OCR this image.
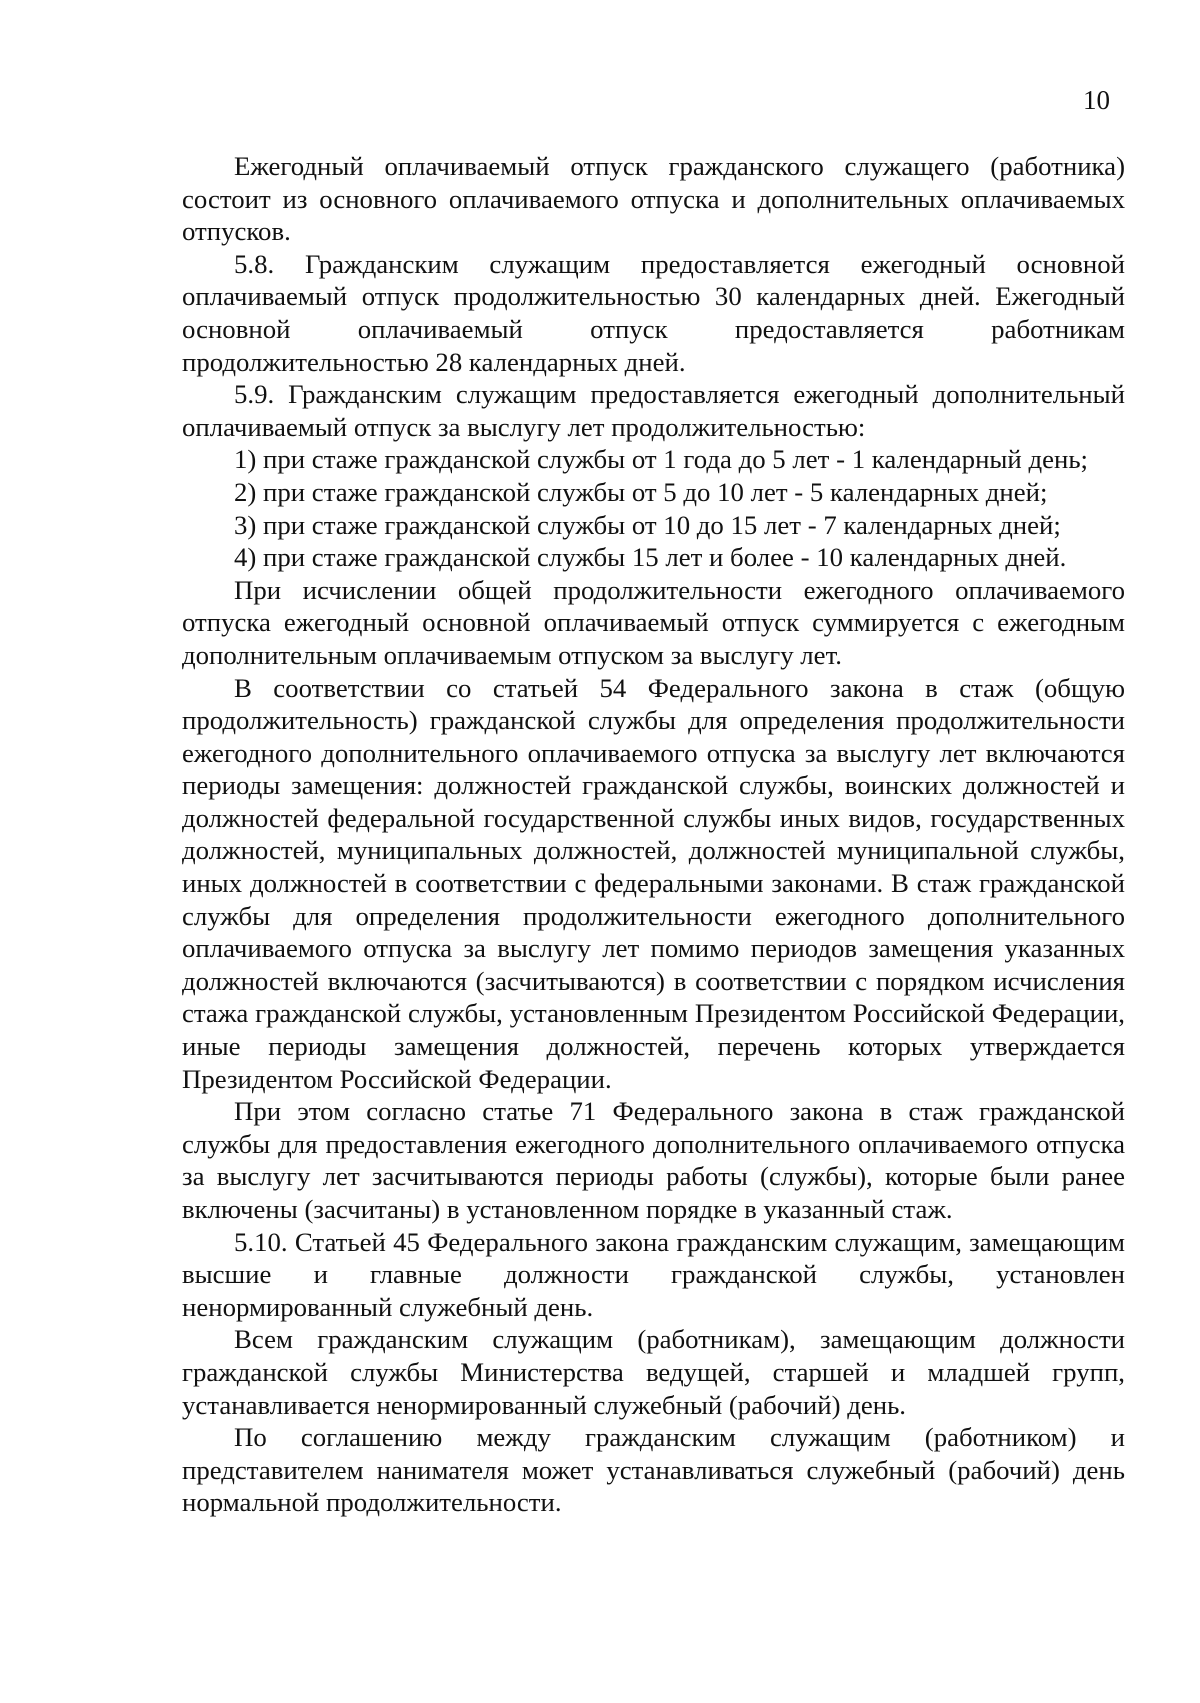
10

Ежегодный оплачиваемый отпуск гражданского служащего (работника) состоит из основного оплачиваемого отпуска и дополнительных оплачиваемых отпусков.

5.8. Гражданским служащим предоставляется ежегодный основной оплачиваемый отпуск продолжительностью 30 календарных дней. Ежегодный основной оплачиваемый отпуск предоставляется работникам продолжительностью 28 календарных дней.

5.9. Гражданским служащим предоставляется ежегодный дополнительный оплачиваемый отпуск за выслугу лет продолжительностью:

1) при стаже гражданской службы от 1 года до 5 лет - 1 календарный день;

2) при стаже гражданской службы от 5 до 10 лет - 5 календарных дней;

3) при стаже гражданской службы от 10 до 15 лет - 7 календарных дней;

4) при стаже гражданской службы 15 лет и более - 10 календарных дней.

При исчислении общей продолжительности ежегодного оплачиваемого отпуска ежегодный основной оплачиваемый отпуск суммируется с ежегодным дополнительным оплачиваемым отпуском за выслугу лет.

В соответствии со статьей 54 Федерального закона в стаж (общую продолжительность) гражданской службы для определения продолжительности ежегодного дополнительного оплачиваемого отпуска за выслугу лет включаются периоды замещения: должностей гражданской службы, воинских должностей и должностей федеральной государственной службы иных видов, государственных должностей, муниципальных должностей, должностей муниципальной службы, иных должностей в соответствии с федеральными законами. В стаж гражданской службы для определения продолжительности ежегодного дополнительного оплачиваемого отпуска за выслугу лет помимо периодов замещения указанных должностей включаются (засчитываются) в соответствии с порядком исчисления стажа гражданской службы, установленным Президентом Российской Федерации, иные периоды замещения должностей, перечень которых утверждается Президентом Российской Федерации.

При этом согласно статье 71 Федерального закона в стаж гражданской службы для предоставления ежегодного дополнительного оплачиваемого отпуска за выслугу лет засчитываются периоды работы (службы), которые были ранее включены (засчитаны) в установленном порядке в указанный стаж.

5.10. Статьей 45 Федерального закона гражданским служащим, замещающим высшие и главные должности гражданской службы, установлен ненормированный служебный день.

Всем гражданским служащим (работникам), замещающим должности гражданской службы Министерства ведущей, старшей и младшей групп, устанавливается ненормированный служебный (рабочий) день.

По соглашению между гражданским служащим (работником) и представителем нанимателя может устанавливаться служебный (рабочий) день нормальной продолжительности.
